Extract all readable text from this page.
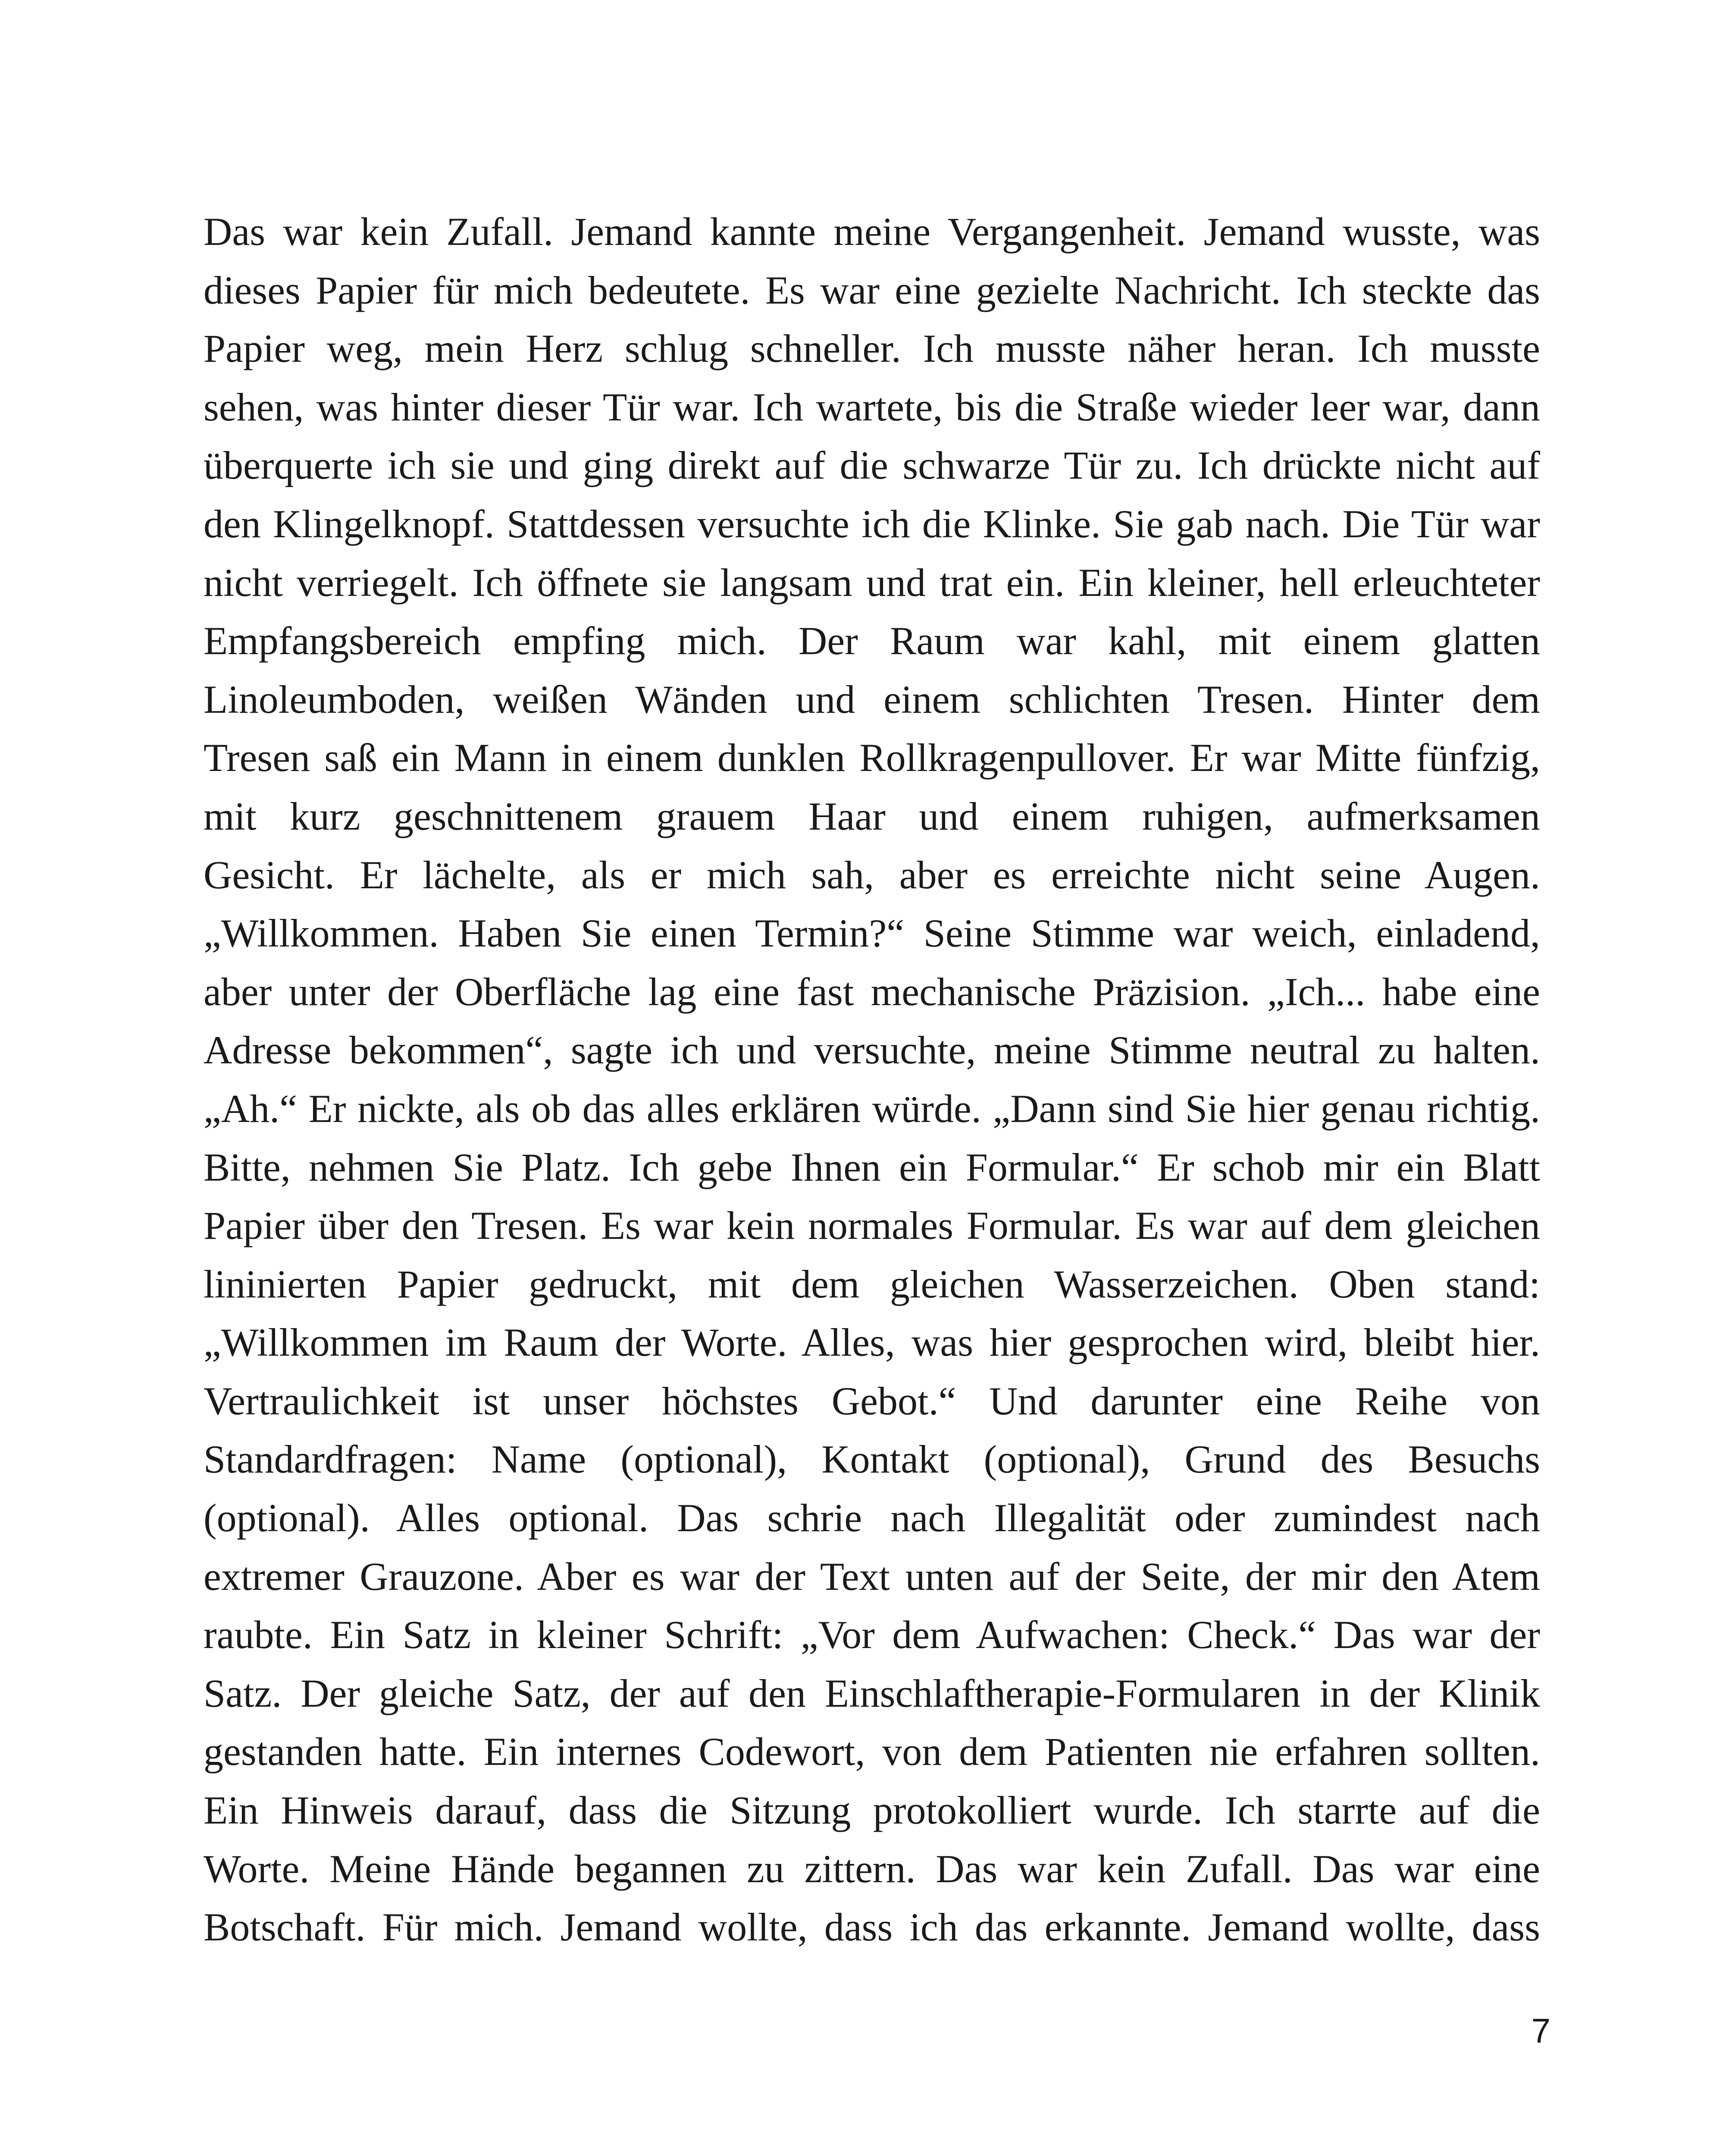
Das war kein Zufall. Jemand kannte meine Vergangenheit. Jemand wusste, was
dieses Papier für mich bedeutete. Es war eine gezielte Nachricht. Ich steckte das
Papier weg, mein Herz schlug schneller. Ich musste näher heran. Ich musste
sehen, was hinter dieser Tür war. Ich wartete, bis die Straße wieder leer war, dann
überquerte ich sie und ging direkt auf die schwarze Tür zu. Ich drückte nicht auf
den Klingelknopf. Stattdessen versuchte ich die Klinke. Sie gab nach. Die Tür war
nicht verriegelt. Ich öffnete sie langsam und trat ein. Ein kleiner, hell erleuchteter
Empfangsbereich empfing mich. Der Raum war kahl, mit einem glatten
Linoleumboden, weißen Wänden und einem schlichten Tresen. Hinter dem
Tresen saß ein Mann in einem dunklen Rollkragenpullover. Er war Mitte fünfzig,
mit kurz geschnittenem grauem Haar und einem ruhigen, aufmerksamen
Gesicht. Er lächelte, als er mich sah, aber es erreichte nicht seine Augen.
„Willkommen. Haben Sie einen Termin?“ Seine Stimme war weich, einladend,
aber unter der Oberfläche lag eine fast mechanische Präzision. „Ich... habe eine
Adresse bekommen“, sagte ich und versuchte, meine Stimme neutral zu halten.
„Ah.“ Er nickte, als ob das alles erklären würde. „Dann sind Sie hier genau richtig.
Bitte, nehmen Sie Platz. Ich gebe Ihnen ein Formular.“ Er schob mir ein Blatt
Papier über den Tresen. Es war kein normales Formular. Es war auf dem gleichen
lininierten Papier gedruckt, mit dem gleichen Wasserzeichen. Oben stand:
„Willkommen im Raum der Worte. Alles, was hier gesprochen wird, bleibt hier.
Vertraulichkeit ist unser höchstes Gebot.“ Und darunter eine Reihe von
Standardfragen: Name (optional), Kontakt (optional), Grund des Besuchs
(optional). Alles optional. Das schrie nach Illegalität oder zumindest nach
extremer Grauzone. Aber es war der Text unten auf der Seite, der mir den Atem
raubte. Ein Satz in kleiner Schrift: „Vor dem Aufwachen: Check.“ Das war der
Satz. Der gleiche Satz, der auf den Einschlaftherapie-Formularen in der Klinik
gestanden hatte. Ein internes Codewort, von dem Patienten nie erfahren sollten.
Ein Hinweis darauf, dass die Sitzung protokolliert wurde. Ich starrte auf die
Worte. Meine Hände begannen zu zittern. Das war kein Zufall. Das war eine
Botschaft. Für mich. Jemand wollte, dass ich das erkannte. Jemand wollte, dass
7
